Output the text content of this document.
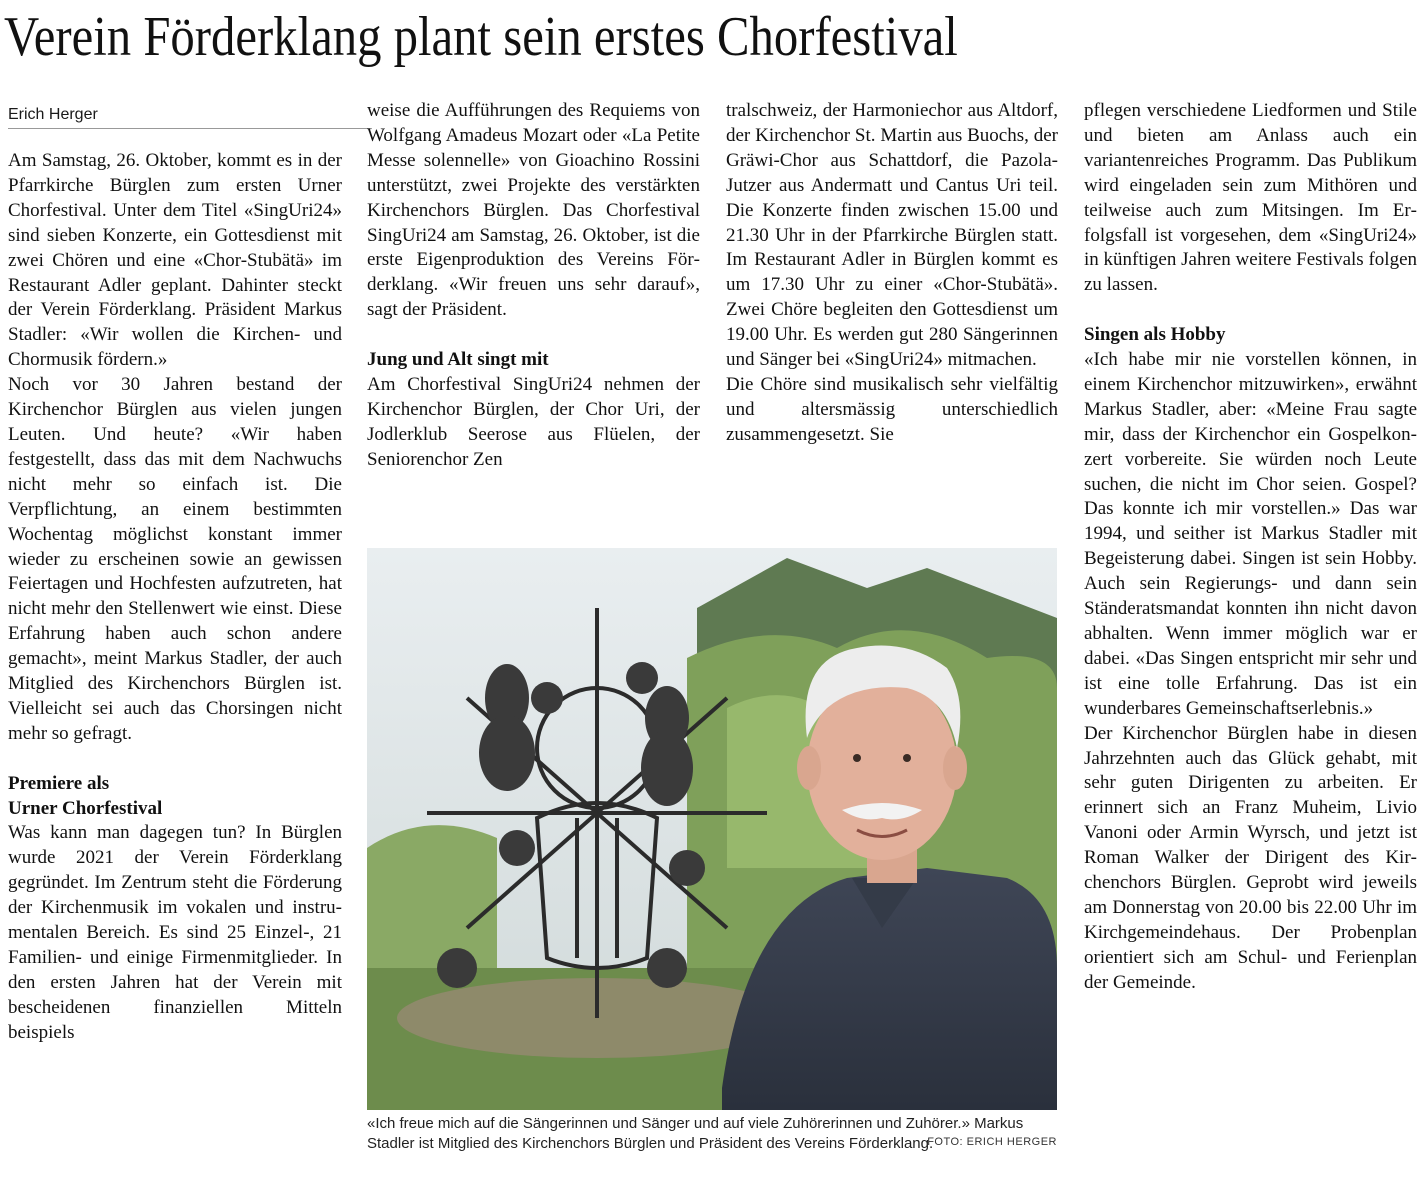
Verein Förderklang plant sein erstes Chorfestival
Erich Herger

Am Samstag, 26. Oktober, kommt es in der Pfarrkirche Bürglen zum ersten Urner Chorfestival. Unter dem Titel «SingUri24» sind sieben Konzerte, ein Gottesdienst mit zwei Chören und eine «Chor-Stubätä» im Restaurant Adler geplant. Dahinter steckt der Verein Förderklang. Präsident Markus Stadler: «Wir wollen die Kirchen- und Chormusik fördern.»

Noch vor 30 Jahren bestand der Kirchenchor Bürglen aus vielen jungen Leuten. Und heute? «Wir haben festgestellt, dass das mit dem Nachwuchs nicht mehr so einfach ist. Die Verpflichtung, an einem bestimmten Wochentag möglichst konstant immer wieder zu erscheinen sowie an gewissen Feiertagen und Hochfesten aufzutreten, hat nicht mehr den Stellenwert wie einst. Diese Erfahrung haben auch schon andere gemacht», meint Markus Stadler, der auch Mitglied des Kirchenchors Bürglen ist. Vielleicht sei auch das Chorsingen nicht mehr so gefragt.

Premiere als
Urner Chorfestival

Was kann man dagegen tun? In Bürglen wurde 2021 der Verein Förderklang gegründet. Im Zentrum steht die Förderung der Kirchenmusik im vokalen und instrumentalen Bereich. Es sind 25 Einzel-, 21 Familien- und einige Firmenmitglieder. In den ersten Jahren hat der Verein mit bescheidenen finanziellen Mitteln beispiels

weise die Aufführungen des Requiems von Wolfgang Amadeus Mozart oder «La Petite Messe solennelle» von Gioachino Rossini unterstützt, zwei Projekte des verstärkten Kirchenchors Bürglen. Das Chorfestival SingUri24 am Samstag, 26. Oktober, ist die erste Eigenproduktion des Vereins Förderklang. «Wir freuen uns sehr darauf», sagt der Präsident.

Jung und Alt singt mit

Am Chorfestival SingUri24 nehmen der Kirchenchor Bürglen, der Chor Uri, der Jodlerklub Seerose aus Flüelen, der Seniorenchor Zen

tralschweiz, der Harmoniechor aus Altdorf, der Kirchenchor St. Martin aus Buochs, der Gräwi-Chor aus Schattdorf, die Pazola-Jutzer aus Andermatt und Cantus Uri teil. Die Konzerte finden zwischen 15.00 und 21.30 Uhr in der Pfarrkirche Bürglen statt. Im Restaurant Adler in Bürglen kommt es um 17.30 Uhr zu einer «Chor-Stubätä». Zwei Chöre begleiten den Gottesdienst um 19.00 Uhr. Es werden gut 280 Sängerinnen und Sänger bei «SingUri24» mitmachen.

Die Chöre sind musikalisch sehr vielfältig und altersmässig unterschiedlich zusammengesetzt. Sie

pflegen verschiedene Liedformen und Stile und bieten am Anlass auch ein variantenreiches Programm. Das Publikum wird eingeladen sein zum Mithören und teilweise auch zum Mitsingen. Im Erfolgsfall ist vorgesehen, dem «SingUri24» in künftigen Jahren weitere Festivals folgen zu lassen.

Singen als Hobby

«Ich habe mir nie vorstellen können, in einem Kirchenchor mitzuwirken», erwähnt Markus Stadler, aber: «Meine Frau sagte mir, dass der Kirchenchor ein Gospelkonzert vorbereite. Sie würden noch Leute suchen, die nicht im Chor seien. Gospel? Das konnte ich mir vorstellen.» Das war 1994, und seither ist Markus Stadler mit Begeisterung dabei. Singen ist sein Hobby. Auch sein Regierungs- und dann sein Ständeratsmandat konnten ihn nicht davon abhalten. Wenn immer möglich war er dabei. «Das Singen entspricht mir sehr und ist eine tolle Erfahrung. Das ist ein wunderbares Gemeinschaftserlebnis.»

Der Kirchenchor Bürglen habe in diesen Jahrzehnten auch das Glück gehabt, mit sehr guten Dirigenten zu arbeiten. Er erinnert sich an Franz Muheim, Livio Vanoni oder Armin Wyrsch, und jetzt ist Roman Walker der Dirigent des Kirchenchors Bürglen. Geprobt wird jeweils am Donnerstag von 20.00 bis 22.00 Uhr im Kirchgemeindehaus. Der Probenplan orientiert sich am Schul- und Ferienplan der Gemeinde.

«Ich freue mich auf die Sängerinnen und Sänger und auf viele Zuhörerinnen und Zuhörer.» Markus Stadler ist Mitglied des Kirchenchors Bürglen und Präsident des Vereins Förderklang.
FOTO: ERICH HERGER
